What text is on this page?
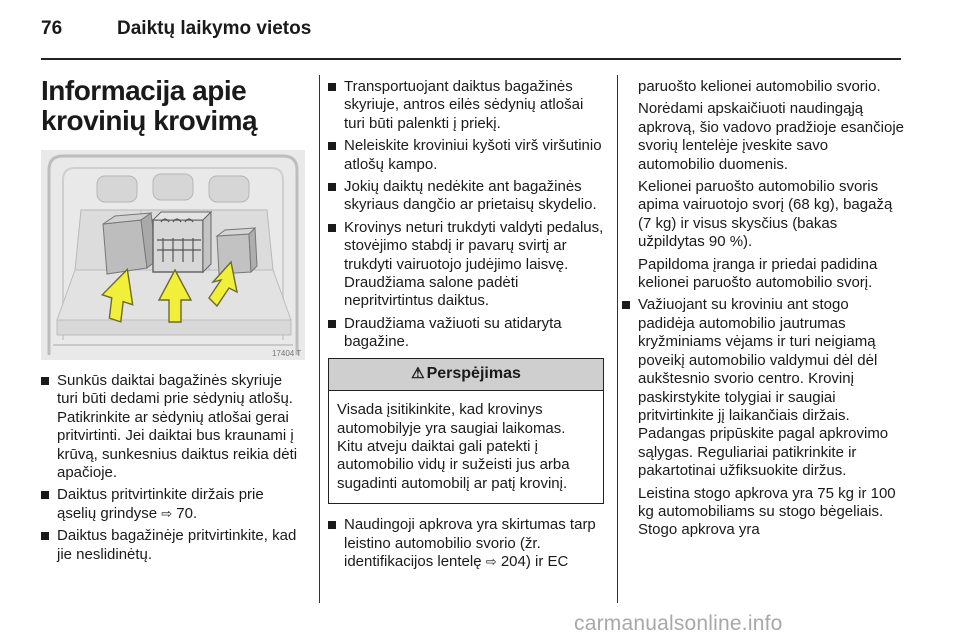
76	Daiktų laikymo vietos
Informacija apie
krovinių krovimą
17404 T
Sunkūs daiktai bagažinės skyriuje turi būti dedami prie sėdynių atlošų. Patikrinkite ar sėdynių atlošai gerai pritvirtinti. Jei daiktai bus kraunami į krūvą, sunkesnius daiktus reikia dėti apačioje.
Daiktus pritvirtinkite diržais prie ąselių grindyse ⇨ 70.
Daiktus bagažinėje pritvirtinkite, kad jie neslidinėtų.
Transportuojant daiktus bagažinės skyriuje, antros eilės sėdynių atlošai turi būti palenkti į priekį.
Neleiskite kroviniui kyšoti virš viršutinio atlošų kampo.
Jokių daiktų nedėkite ant bagažinės skyriaus dangčio ar prietaisų skydelio.
Krovinys neturi trukdyti valdyti pedalus, stovėjimo stabdį ir pavarų svirtį ar trukdyti vairuotojo judėjimo laisvę. Draudžiama salone padėti nepritvirtintus daiktus.
Draudžiama važiuoti su atidaryta bagažine.
⚠ Perspėjimas
Visada įsitikinkite, kad krovinys automobilyje yra saugiai laikomas. Kitu atveju daiktai gali patekti į automobilio vidų ir sužeisti jus arba sugadinti automobilį ar patį krovinį.
Naudingoji apkrova yra skirtumas tarp leistino automobilio svorio (žr. identifikacijos lentelę ⇨ 204) ir EC
paruošto kelionei automobilio svorio.
Norėdami apskaičiuoti naudingąją apkrovą, šio vadovo pradžioje esančioje svorių lentelėje įveskite savo automobilio duomenis.
Kelionei paruošto automobilio svoris apima vairuotojo svorį (68 kg), bagažą (7 kg) ir visus skysčius (bakas užpildytas 90 %).
Papildoma įranga ir priedai padidina kelionei paruošto automobilio svorį.
Važiuojant su kroviniu ant stogo padidėja automobilio jautrumas kryžminiams vėjams ir turi neigiamą poveikį automobilio valdymui dėl dėl aukštesnio svorio centro. Krovinį paskirstykite tolygiai ir saugiai pritvirtinkite jį laikančiais diržais. Padangas pripūskite pagal apkrovimo sąlygas. Reguliariai patikrinkite ir pakartotinai užfiksuokite diržus.
Leistina stogo apkrova yra 75 kg ir 100 kg automobiliams su stogo bėgeliais. Stogo apkrova yra
carmanualsonline.info
